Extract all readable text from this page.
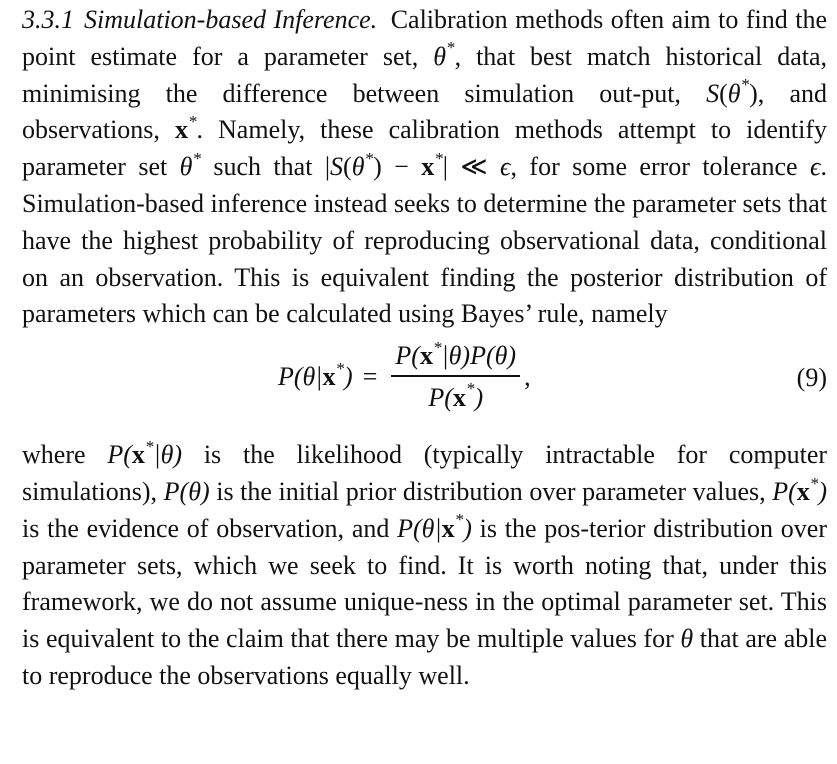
3.3.1 Simulation-based Inference. Calibration methods often aim to find the point estimate for a parameter set, θ*, that best match historical data, minimising the difference between simulation out-put, S(θ*), and observations, x*. Namely, these calibration methods attempt to identify parameter set θ* such that |S(θ*) − x*| ≪ ϵ, for some error tolerance ϵ. Simulation-based inference instead seeks to determine the parameter sets that have the highest probability of reproducing observational data, conditional on an observation. This is equivalent finding the posterior distribution of parameters which can be calculated using Bayes’ rule, namely

$P(\theta|x^*) = \frac{P(x^*|\theta)P(\theta)}{P(x^*)}$ ,	(9)

where P(x*|θ) is the likelihood (typically intractable for computer simulations), P(θ) is the initial prior distribution over parameter values, P(x*) is the evidence of observation, and P(θ|x*) is the pos-terior distribution over parameter sets, which we seek to find. It is worth noting that, under this framework, we do not assume unique-ness in the optimal parameter set. This is equivalent to the claim that there may be multiple values for θ that are able to reproduce the observations equally well.
